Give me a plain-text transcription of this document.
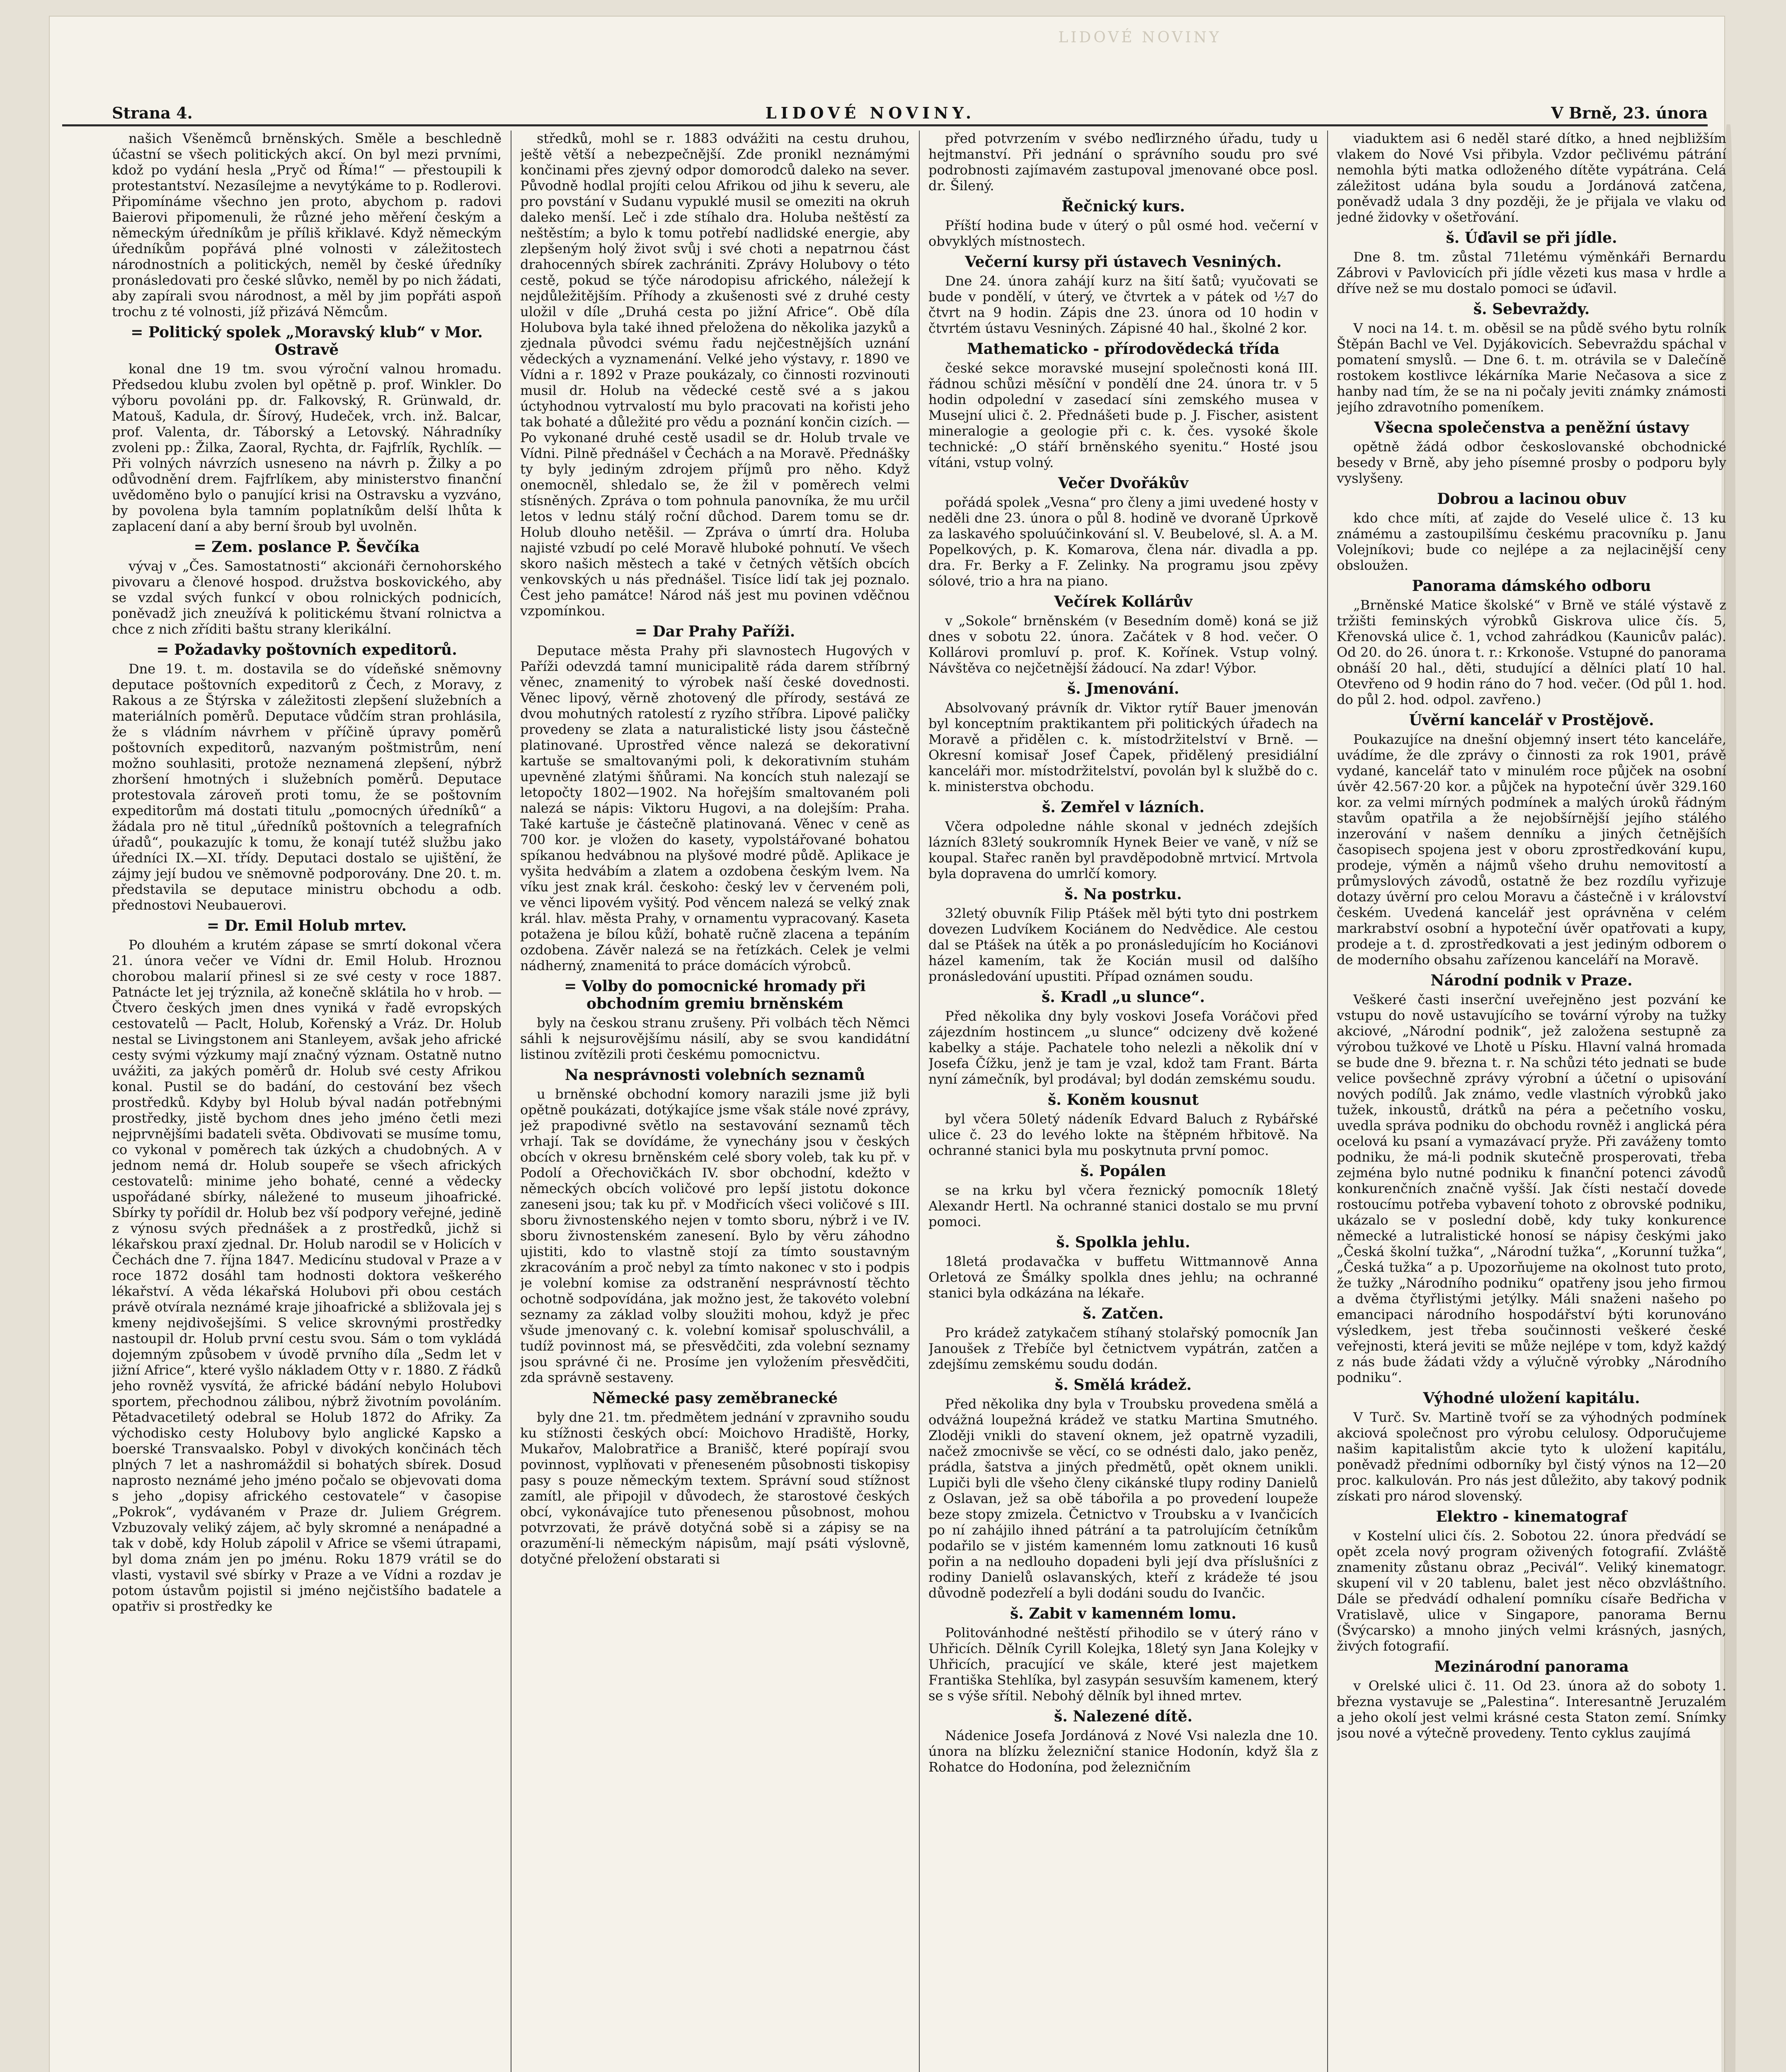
LIDOVÉ NOVINY
Strana 4.	LIDOVÉ NOVINY.	V Brně, 23. února

našich Všeněmců brněnských. Směle a beschledně účastní se všech politických akcí. On byl mezi prvními, kdož po vydání hesla „Pryč od Říma!“ — přestoupili k protestantství. Nezasílejme a nevytýkáme to p. Rodlerovi. Připomínáme všechno jen proto, abychom p. radovi Baierovi připomenuli, že různé jeho měření českým a německým úředníkům je příliš křiklavé. Když německým úředníkům popřává plné volnosti v záležitostech národnostních a politických, neměl by české úředníky pronásledovati pro české slůvko, neměl by po nich žádati, aby zapírali svou národnost, a měl by jim popřáti aspoň trochu z té volnosti, jíž přizává Němcům.

= Politický spolek „Moravský klub“ v Mor. Ostravě

konal dne 19 tm. svou výroční valnou hromadu. Předsedou klubu zvolen byl opětně p. prof. Winkler. Do výboru povoláni pp. dr. Falkovský, R. Grünwald, dr. Matouš, Kadula, dr. Šírový, Hudeček, vrch. inž. Balcar, prof. Valenta, dr. Táborský a Letovský. Náhradníky zvoleni pp.: Žilka, Zaoral, Rychta, dr. Fajfrlík, Rychlík. — Při volných návrzích usneseno na návrh p. Žilky a po odůvodnění drem. Fajfrlíkem, aby ministerstvo finanční uvědoměno bylo o panující krisi na Ostravsku a vyzváno, by povolena byla tamním poplatníkům delší lhůta k zaplacení daní a aby berní šroub byl uvolněn.

= Zem. poslance P. Ševčíka

vývaj v „Čes. Samostatnosti“ akcionáři černohorského pivovaru a členové hospod. družstva boskovického, aby se vzdal svých funkcí v obou rolnických podnicích, poněvadž jich zneužívá k politickému štvaní rolnictva a chce z nich zříditi baštu strany klerikální.

= Požadavky poštovních expeditorů.

Dne 19. t. m. dostavila se do vídeňské sněmovny deputace poštovních expeditorů z Čech, z Moravy, z Rakous a ze Štýrska v záležitosti zlepšení služebních a materiálních poměrů. Deputace vůdčím stran prohlásila, že s vládním návrhem v příčině úpravy poměrů poštovních expeditorů, nazvaným poštmistrům, není možno souhlasiti, protože neznamená zlepšení, nýbrž zhoršení hmotných i služebních poměrů. Deputace protestovala zároveň proti tomu, že se poštovním expeditorům má dostati titulu „pomocných úředníků“ a žádala pro ně titul „úředníků poštovních a telegrafních úřadů“, poukazujíc k tomu, že konají tutéž službu jako úředníci IX.—XI. třídy. Deputaci dostalo se ujištění, že zájmy její budou ve sněmovně podporovány. Dne 20. t. m. představila se deputace ministru obchodu a odb. přednostovi Neubauerovi.

= Dr. Emil Holub mrtev.

Po dlouhém a krutém zápase se smrtí dokonal včera 21. února večer ve Vídni dr. Emil Holub. Hroznou chorobou malarií přinesl si ze své cesty v roce 1887. Patnácte let jej trýznila, až konečně sklátila ho v hrob. — Čtvero českých jmen dnes vyniká v řadě evropských cestovatelů — Paclt, Holub, Kořenský a Vráz. Dr. Holub nestal se Livingstonem ani Stanleyem, avšak jeho africké cesty svými výzkumy mají značný význam. Ostatně nutno uvážiti, za jakých poměrů dr. Holub své cesty Afrikou konal. Pustil se do badání, do cestování bez všech prostředků. Kdyby byl Holub býval nadán potřebnými prostředky, jistě bychom dnes jeho jméno četli mezi nejprvnějšími badateli světa. Obdivovati se musíme tomu, co vykonal v poměrech tak úzkých a chudobných. A v jednom nemá dr. Holub soupeře se všech afrických cestovatelů: minime jeho bohaté, cenné a vědecky uspořádané sbírky, náležené to museum jihoafrické. Sbírky ty pořídil dr. Holub bez vší podpory veřejné, jedině z výnosu svých přednášek a z prostředků, jichž si lékařskou praxí zjednal. Dr. Holub narodil se v Holicích v Čechách dne 7. října 1847. Medicínu studoval v Praze a v roce 1872 dosáhl tam hodnosti doktora veškerého lékařství. A věda lékařská Holubovi při obou cestách právě otvírala neznámé kraje jihoafrické a sbližovala jej s kmeny nejdivošejšími. S velice skrovnými prostředky nastoupil dr. Holub první cestu svou. Sám o tom vykládá dojemným způsobem v úvodě prvního díla „Sedm let v jižní Africe“, které vyšlo nákladem Otty v r. 1880. Z řádků jeho rovněž vysvítá, že africké bádání nebylo Holubovi sportem, přechodnou zálibou, nýbrž životním povoláním. Pětadvacetiletý odebral se Holub 1872 do Afriky. Za východisko cesty Holubovy bylo anglické Kapsko a boerské Transvaalsko. Pobyl v divokých končinách těch plných 7 let a nashromáždil si bohatých sbírek. Dosud naprosto neznámé jeho jméno počalo se objevovati doma s jeho „dopisy afrického cestovatele“ v časopise „Pokrok“, vydávaném v Praze dr. Juliem Grégrem. Vzbuzovaly veliký zájem, ač byly skromné a nenápadné a tak v době, kdy Holub zápolil v Africe se všemi útrapami, byl doma znám jen po jménu. Roku 1879 vrátil se do vlasti, vystavil své sbírky v Praze a ve Vídni a rozdav je potom ústavům pojistil si jméno nejčistšího badatele a opatřiv si prostředky ke

středků, mohl se r. 1883 odvážiti na cestu druhou, ještě větší a nebezpečnější. Zde pronikl neznámými končinami přes zjevný odpor domorodců daleko na sever. Původně hodlal projíti celou Afrikou od jihu k severu, ale pro povstání v Sudanu vypuklé musil se omeziti na okruh daleko menší. Leč i zde stíhalo dra. Holuba neštěstí za neštěstím; a bylo k tomu potřebí nadlidské energie, aby zlepšeným holý život svůj i své choti a nepatrnou část drahocenných sbírek zachrániti. Zprávy Holubovy o této cestě, pokud se týče národopisu afrického, náležejí k nejdůležitějším. Příhody a zkušenosti své z druhé cesty uložil v díle „Druhá cesta po jižní Africe“. Obě díla Holubova byla také ihned přeložena do několika jazyků a zjednala původci svému řadu nejčestnějších uznání vědeckých a vyznamenání. Velké jeho výstavy, r. 1890 ve Vídni a r. 1892 v Praze poukázaly, co činnosti rozvinouti musil dr. Holub na vědecké cestě své a s jakou úctyhodnou vytrvalostí mu bylo pracovati na kořisti jeho tak bohaté a důležité pro vědu a poznání končin cizích. — Po vykonané druhé cestě usadil se dr. Holub trvale ve Vídni. Pilně přednášel v Čechách a na Moravě. Přednášky ty byly jediným zdrojem příjmů pro něho. Když onemocněl, shledalo se, že žil v poměrech velmi stísněných. Zpráva o tom pohnula panovníka, že mu určil letos v lednu stálý roční důchod. Darem tomu se dr. Holub dlouho netěšil. — Zpráva o úmrtí dra. Holuba najisté vzbudí po celé Moravě hluboké pohnutí. Ve všech skoro našich městech a také v četných větších obcích venkovských u nás přednášel. Tisíce lidí tak jej poznalo. Čest jeho památce! Národ náš jest mu povinen vděčnou vzpomínkou.

= Dar Prahy Paříži.

Deputace města Prahy při slavnostech Hugových v Paříži odevzdá tamní municipalitě ráda darem stříbrný věnec, znamenitý to výrobek naší české dovednosti. Věnec lipový, věrně zhotovený dle přírody, sestává ze dvou mohutných ratolestí z ryzího stříbra. Lipové paličky provedeny se zlata a naturalistické listy jsou částečně platinované. Uprostřed věnce nalezá se dekorativní kartuše se smaltovanými poli, k dekorativním stuhám upevněné zlatými šňůrami. Na koncích stuh nalezají se letopočty 1802—1902. Na hořejším smaltovaném poli nalezá se nápis: Viktoru Hugovi, a na dolejším: Praha. Také kartuše je částečně platinovaná. Věnec v ceně as 700 kor. je vložen do kasety, vypolstářované bohatou spíkanou hedvábnou na plyšové modré půdě. Aplikace je vyšita hedvábím a zlatem a ozdobena českým lvem. Na víku jest znak král. českoho: český lev v červeném poli, ve věnci lipovém vyšitý. Pod věncem nalezá se velký znak král. hlav. města Prahy, v ornamentu vypracovaný. Kaseta potažena je bílou kůží, bohatě ručně zlacena a tepáním ozdobena. Závěr nalezá se na řetízkách. Celek je velmi nádherný, znamenitá to práce domácích výrobců.

= Volby do pomocnické hromady při obchodním gremiu brněnském

byly na českou stranu zrušeny. Při volbách těch Němci sáhli k nejsurovějšímu násilí, aby se svou kandidátní listinou zvítězili proti českému pomocnictvu.

Na nesprávnosti volebních seznamů

u brněnské obchodní komory narazili jsme již byli opětně poukázati, dotýkajíce jsme však stále nové zprávy, jež prapodivné světlo na sestavování seznamů těch vrhají. Tak se dovídáme, že vynechány jsou v českých obcích v okresu brněnském celé sbory voleb, tak ku př. v Podolí a Ořechovičkách IV. sbor obchodní, kdežto v německých obcích voličové pro lepší jistotu dokonce zaneseni jsou; tak ku př. v Modřicích všeci voličové s III. sboru živnostenského nejen v tomto sboru, nýbrž i ve IV. sboru živnostenském zanesení. Bylo by věru záhodno ujistiti, kdo to vlastně stojí za tímto soustavným zkracováním a proč nebyl za tímto nakonec v sto i podpis je volební komise za odstranění nesprávností těchto ochotně sodpovídána, jak možno jest, že takovéto volební seznamy za základ volby sloužiti mohou, když je přec všude jmenovaný c. k. volební komisař spoluschválil, a tudíž povinnost má, se přesvědčiti, zda volební seznamy jsou správné či ne. Prosíme jen vyložením přesvědčiti, zda správně sestaveny.

Německé pasy zeměbranecké

byly dne 21. tm. předmětem jednání v zpravniho soudu ku stížnosti českých obcí: Moichovo Hradiště, Horky, Mukařov, Malobratřice a Branišč, které popírají svou povinnost, vyplňovati v přeneseném působnosti tiskopisy pasy s pouze německým textem. Správní soud stížnost zamítl, ale připojil v důvodech, že starostové českých obcí, vykonávajíce tuto přenesenou působnost, mohou potvrzovati, že právě dotyčná sobě si a zápisy se na orazumění-li německým nápisům, mají psáti výslovně, dotyčné přeložení obstarati si

před potvrzením v svébo neďlirzného úřadu, tudy u hejtmanství. Při jednání o správního soudu pro své podrobnosti zajímavém zastupoval jmenované obce posl. dr. Šilený.

Řečnický kurs.

Příští hodina bude v úterý o půl osmé hod. večerní v obvyklých místnostech.

Večerní kursy při ústavech Vesniných.

Dne 24. února zahájí kurz na šití šatů; vyučovati se bude v pondělí, v úterý, ve čtvrtek a v pátek od ½7 do čtvrt na 9 hodin. Zápis dne 23. února od 10 hodin v čtvrtém ústavu Vesniných. Zápisné 40 hal., školné 2 kor.

Mathematicko - přírodovědecká třída

české sekce moravské musejní společnosti koná III. řádnou schůzi měsíční v pondělí dne 24. února tr. v 5 hodin odpolední v zasedací síni zemského musea v Musejní ulici č. 2. Přednášeti bude p. J. Fischer, asistent mineralogie a geologie při c. k. čes. vysoké škole technické: „O stáří brněnského syenitu.“ Hosté jsou vítáni, vstup volný.

Večer Dvořákův

pořádá spolek „Vesna“ pro členy a jimi uvedené hosty v neděli dne 23. února o půl 8. hodině ve dvoraně Úprkově za laskavého spoluúčinkování sl. V. Beubelové, sl. A. a M. Popelkových, p. K. Komarova, člena nár. divadla a pp. dra. Fr. Berky a F. Zelinky. Na programu jsou zpěvy sólové, trio a hra na piano.

Večírek Kollárův

v „Sokole“ brněnském (v Besedním domě) koná se již dnes v sobotu 22. února. Začátek v 8 hod. večer. O Kollárovi promluví p. prof. K. Kořínek. Vstup volný. Návštěva co nejčetnější žádoucí. Na zdar! Výbor.

š. Jmenování.

Absolvovaný právník dr. Viktor rytíř Bauer jmenován byl konceptním praktikantem při politických úřadech na Moravě a přidělen c. k. místodržitelství v Brně. — Okresní komisař Josef Čapek, přidělený presidiální kanceláři mor. místodržitelství, povolán byl k službě do c. k. ministerstva obchodu.

š. Zemřel v lázních.

Včera odpoledne náhle skonal v jednéch zdejších lázních 83letý soukromník Hynek Beier ve vaně, v níž se koupal. Stařec raněn byl pravděpodobně mrtvicí. Mrtvola byla dopravena do umrlčí komory.

š. Na postrku.

32letý obuvník Filip Ptášek měl býti tyto dni postrkem dovezen Ludvíkem Kociánem do Nedvědice. Ale cestou dal se Ptášek na útěk a po pronásledujícím ho Kociánovi házel kamením, tak že Kocián musil od dalšího pronásledování upustiti. Případ oznámen soudu.

š. Kradl „u slunce“.

Před několika dny byly voskovi Josefa Voráčovi před zájezdním hostincem „u slunce“ odcizeny dvě kožené kabelky a stáje. Pachatele toho nelezli a několik dní v Josefa Čížku, jenž je tam je vzal, kdož tam Frant. Bárta nyní zámečník, byl prodával; byl dodán zemskému soudu.

š. Koněm kousnut

byl včera 50letý nádeník Edvard Baluch z Rybářské ulice č. 23 do levého lokte na štěpném hřbitově. Na ochranné stanici byla mu poskytnuta první pomoc.

š. Popálen

se na krku byl včera řeznický pomocník 18letý Alexandr Hertl. Na ochranné stanici dostalo se mu první pomoci.

š. Spolkla jehlu.

18letá prodavačka v buffetu Wittmannově Anna Orletová ze Šmálky spolkla dnes jehlu; na ochranné stanici byla odkázána na lékaře.

š. Zatčen.

Pro krádež zatykačem stíhaný stolařský pomocník Jan Janoušek z Třebíče byl četnictvem vypátrán, zatčen a zdejšímu zemskému soudu dodán.

š. Smělá krádež.

Před několika dny byla v Troubsku provedena smělá a odvážná loupežná krádež ve statku Martina Smutného. Zloději vnikli do stavení oknem, jež opatrně vyzadili, načež zmocnivše se věcí, co se odnésti dalo, jako peněz, prádla, šatstva a jiných předmětů, opět oknem unikli. Lupiči byli dle všeho členy cikánské tlupy rodiny Danielů z Oslavan, jež sa obě tábořila a po provedení loupeže beze stopy zmizela. Četnictvo v Troubsku a v Ivančicích po ní zahájilo ihned pátrání a ta patrolujícím četníkům podařilo se v jistém kamenném lomu zatknouti 16 kusů pořin a na nedlouho dopadeni byli její dva příslušníci z rodiny Danielů oslavanských, kteří z krádeže té jsou důvodně podezřelí a byli dodáni soudu do Ivančic.

š. Zabit v kamenném lomu.

Politovánhodné neštěstí přihodilo se v úterý ráno v Uhřicích. Dělník Cyrill Kolejka, 18letý syn Jana Kolejky v Uhřicích, pracující ve skále, které jest majetkem Františka Stehlíka, byl zasypán sesuvším kamenem, který se s výše sřítil. Nebohý dělník byl ihned mrtev.

š. Nalezené dítě.

Nádenice Josefa Jordánová z Nové Vsi nalezla dne 10. února na blízku železniční stanice Hodonín, když šla z Rohatce do Hodonína, pod železničním

viaduktem asi 6 neděl staré dítko, a hned nejbližším vlakem do Nové Vsi přibyla. Vzdor pečlivému pátrání nemohla býti matka odloženého dítěte vypátrána. Celá záležitost udána byla soudu a Jordánová zatčena, poněvadž udala 3 dny později, že je přijala ve vlaku od jedné židovky v ošetřování.

š. Úďavil se při jídle.

Dne 8. tm. zůstal 71letému výměnkáři Bernardu Zábrovi v Pavlovicích při jídle vězeti kus masa v hrdle a dříve než se mu dostalo pomoci se úďavil.

š. Sebevraždy.

V noci na 14. t. m. oběsil se na půdě svého bytu rolník Štěpán Bachl ve Vel. Dyjákovicích. Sebevraždu spáchal v pomatení smyslů. — Dne 6. t. m. otrávila se v Dalečíně rostokem kostlivce lékárníka Marie Nečasova a sice z hanby nad tím, že se na ni počaly jeviti známky známosti jejího zdravotního pomeníkem.

Všecna společenstva a peněžní ústavy

opětně žádá odbor českoslovanské obchodnické besedy v Brně, aby jeho písemné prosby o podporu byly vyslyšeny.

Dobrou a lacinou obuv

kdo chce míti, ať zajde do Veselé ulice č. 13 ku známému a zastoupilšímu českému pracovníku p. Janu Volejníkovi; bude co nejlépe a za nejlacinější ceny obsloužen.

Panorama dámského odboru

„Brněnské Matice školské“ v Brně ve stálé výstavě z tržišti feminských výrobků Giskrova ulice čís. 5, Křenovská ulice č. 1, vchod zahrádkou (Kaunicův palác). Od 20. do 26. února t. r.: Krkonoše. Vstupné do panorama obnáší 20 hal., děti, studující a dělníci platí 10 hal. Otevřeno od 9 hodin ráno do 7 hod. večer. (Od půl 1. hod. do půl 2. hod. odpol. zavřeno.)

Úvěrní kancelář v Prostějově.

Poukazujíce na dnešní objemný insert této kanceláře, uvádíme, že dle zprávy o činnosti za rok 1901, právě vydané, kancelář tato v minulém roce půjček na osobní úvěr 42.567·20 kor. a půjček na hypoteční úvěr 329.160 kor. za velmi mírných podmínek a malých úroků řádným stavům opatřila a že nejobšírnější jejího stálého inzerování v našem denníku a jiných četnějších časopisech spojena jest v oboru zprostředkování kupu, prodeje, výměn a nájmů všeho druhu nemovitostí a průmyslových závodů, ostatně že bez rozdílu vyřizuje dotazy úvěrní pro celou Moravu a částečně i v království českém. Uvedená kancelář jest oprávněna v celém markrabství osobní a hypoteční úvěr opatřovati a kupy, prodeje a t. d. zprostředkovati a jest jediným odborem o de moderního obsahu zařízenou kanceláří na Moravě.

Národní podnik v Praze.

Veškeré časti inserční uveřejněno jest pozvání ke vstupu do nově ustavujícího se tovární výroby na tužky akciové, „Národní podnik“, jež založena sestupně za výrobou tužkové ve Lhotě u Písku. Hlavní valná hromada se bude dne 9. března t. r. Na schůzi této jednati se bude velice povšechně zprávy výrobní a účetní o upisování nových podílů. Jak známo, vedle vlastních výrobků jako tužek, inkoustů, drátků na péra a pečetního vosku, uvedla správa podniku do obchodu rovněž i anglická péra ocelová ku psaní a vymazávací pryže. Při zaváženy tomto podniku, že má-li podnik skutečně prosperovati, třeba zejména bylo nutné podniku k finanční potenci závodů konkurenčních značně vyšší. Jak čísti nestačí dovede rostoucímu potřeba vybavení tohoto z obrovské podniku, ukázalo se v poslední době, kdy tuky konkurence německé a lutralistické honosí se nápisy českými jako „Česká školní tužka“, „Národní tužka“, „Korunní tužka“, „Česká tužka“ a p. Upozorňujeme na okolnost tuto proto, že tužky „Národního podniku“ opatřeny jsou jeho firmou a dvěma čtyřlistými jetýlky. Máli snaženi našeho po emancipaci národního hospodářství býti korunováno výsledkem, jest třeba součinnosti veškeré české veřejnosti, která jeviti se může nejlépe v tom, když každý z nás bude žádati vždy a výlučně výrobky „Národního podniku“.

Výhodné uložení kapitálu.

V Turč. Sv. Martině tvoří se za výhodných podmínek akciová společnost pro výrobu celulosy. Odporučujeme našim kapitalistům akcie tyto k uložení kapitálu, poněvadž předními odborníky byl čistý výnos na 12—20 proc. kalkulován. Pro nás jest důležito, aby takový podnik získati pro národ slovenský.

Elektro - kinematograf

v Kostelní ulici čís. 2. Sobotou 22. února předvádí se opět zcela nový program oživených fotografií. Zvláště znamenity zůstanu obraz „Pecivál“. Veliký kinematogr. skupení vil v 20 tablenu, balet jest něco obzvláštního. Dále se předvádí odhalení pomníku císaře Bedřicha v Vratislavě, ulice v Singapore, panorama Bernu (Švýcarsko) a mnoho jiných velmi krásných, jasných, živých fotografií.

Mezinárodní panorama

v Orelské ulici č. 11. Od 23. února až do soboty 1. března vystavuje se „Palestina“. Interesantně Jeruzalém a jeho okolí jest velmi krásné cesta Staton zemí. Snímky jsou nové a výtečně provedeny. Tento cyklus zaujímá
